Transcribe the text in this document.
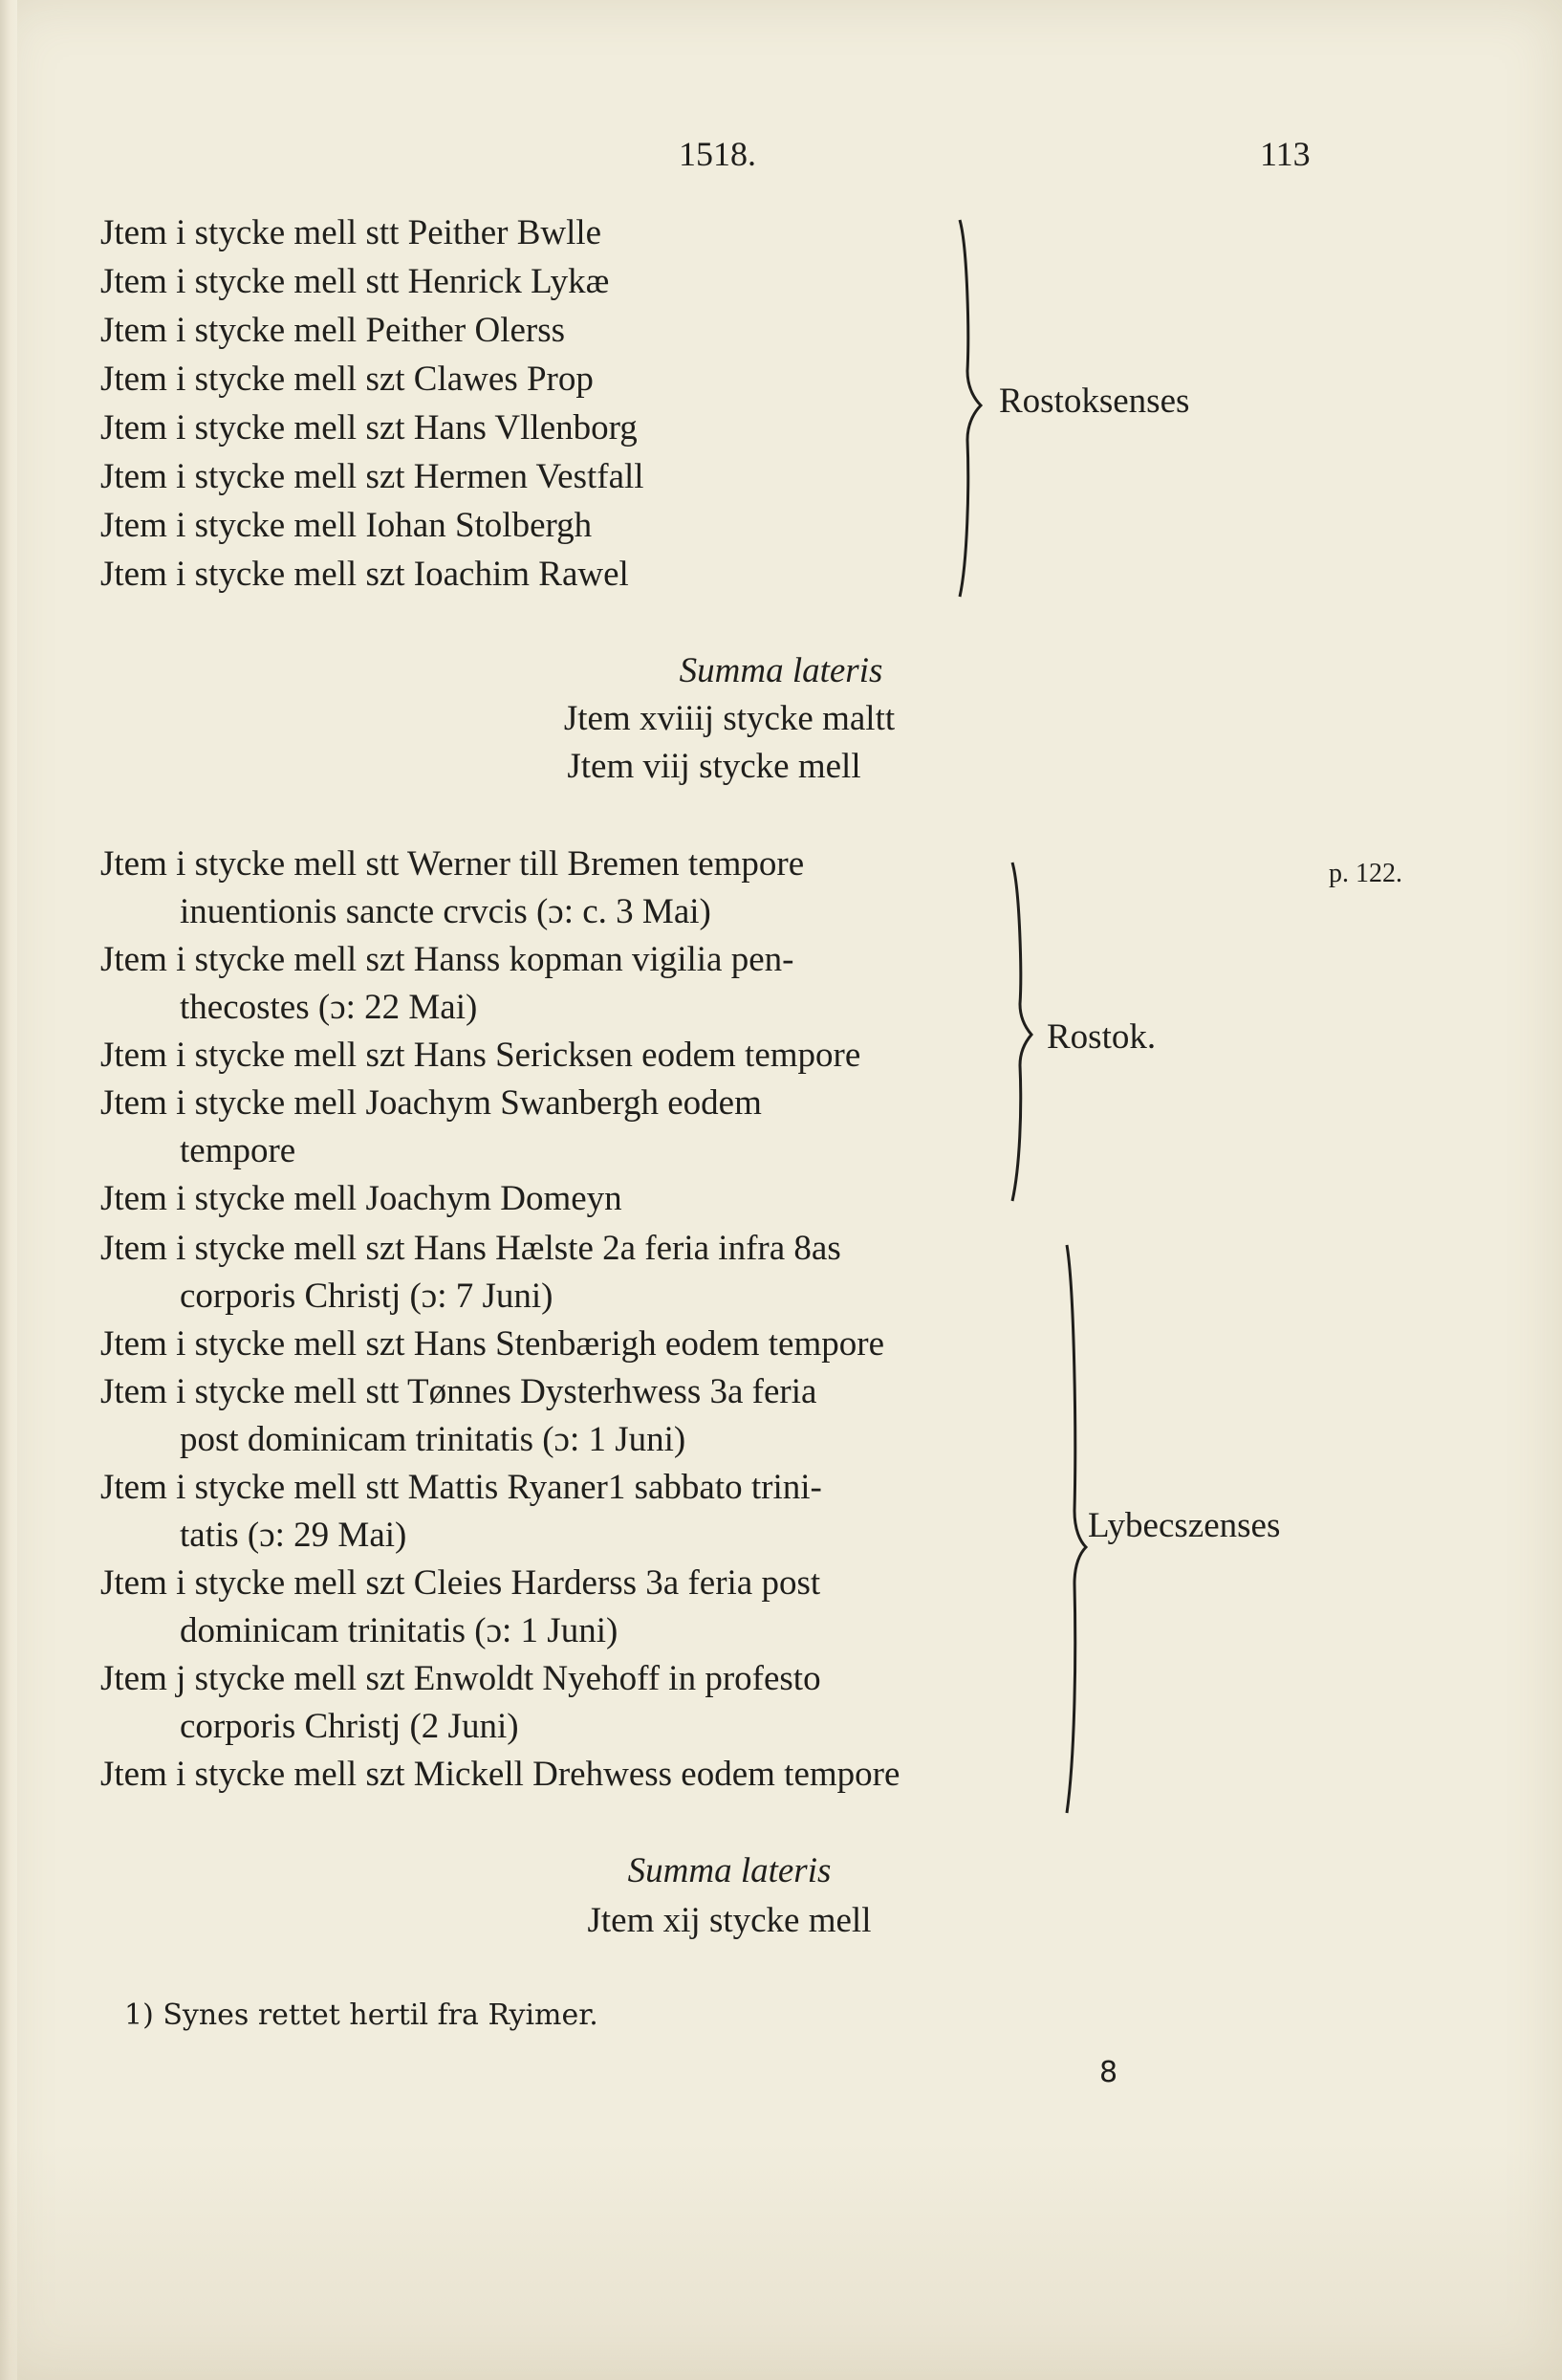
1518.	113
Jtem i stycke mell stt Peither Bwlle
Jtem i stycke mell stt Henrick Lykæ
Jtem i stycke mell Peither Olerss
Jtem i stycke mell szt Clawes Prop
Jtem i stycke mell szt Hans Vllenborg
Jtem i stycke mell szt Hermen Vestfall
Jtem i stycke mell Iohan Stolbergh
Jtem i stycke mell szt Ioachim Rawel
Rostoksenses
Summa lateris
Jtem xviiij stycke maltt
Jtem viij stycke mell
p. 122.
Jtem i stycke mell stt Werner till Bremen tempore
inuentionis sancte crvcis (ɔ: c. 3 Mai)
Jtem i stycke mell szt Hanss kopman vigilia pen-
thecostes (ɔ: 22 Mai)
Jtem i stycke mell szt Hans Sericksen eodem tempore
Jtem i stycke mell Joachym Swanbergh eodem
tempore
Jtem i stycke mell Joachym Domeyn
Rostok.
Jtem i stycke mell szt Hans Hælste 2a feria infra 8as
corporis Christj (ɔ: 7 Juni)
Jtem i stycke mell szt Hans Stenbærigh eodem tempore
Jtem i stycke mell stt Tønnes Dysterhwess 3a feria
post dominicam trinitatis (ɔ: 1 Juni)
Jtem i stycke mell stt Mattis Ryaner1 sabbato trini-
tatis (ɔ: 29 Mai)
Jtem i stycke mell szt Cleies Harderss 3a feria post
dominicam trinitatis (ɔ: 1 Juni)
Jtem j stycke mell szt Enwoldt Nyehoff in profesto
corporis Christj (2 Juni)
Jtem i stycke mell szt Mickell Drehwess eodem tempore
Lybecszenses
Summa lateris
Jtem xij stycke mell
1) Synes rettet hertil fra Ryimer.
8
